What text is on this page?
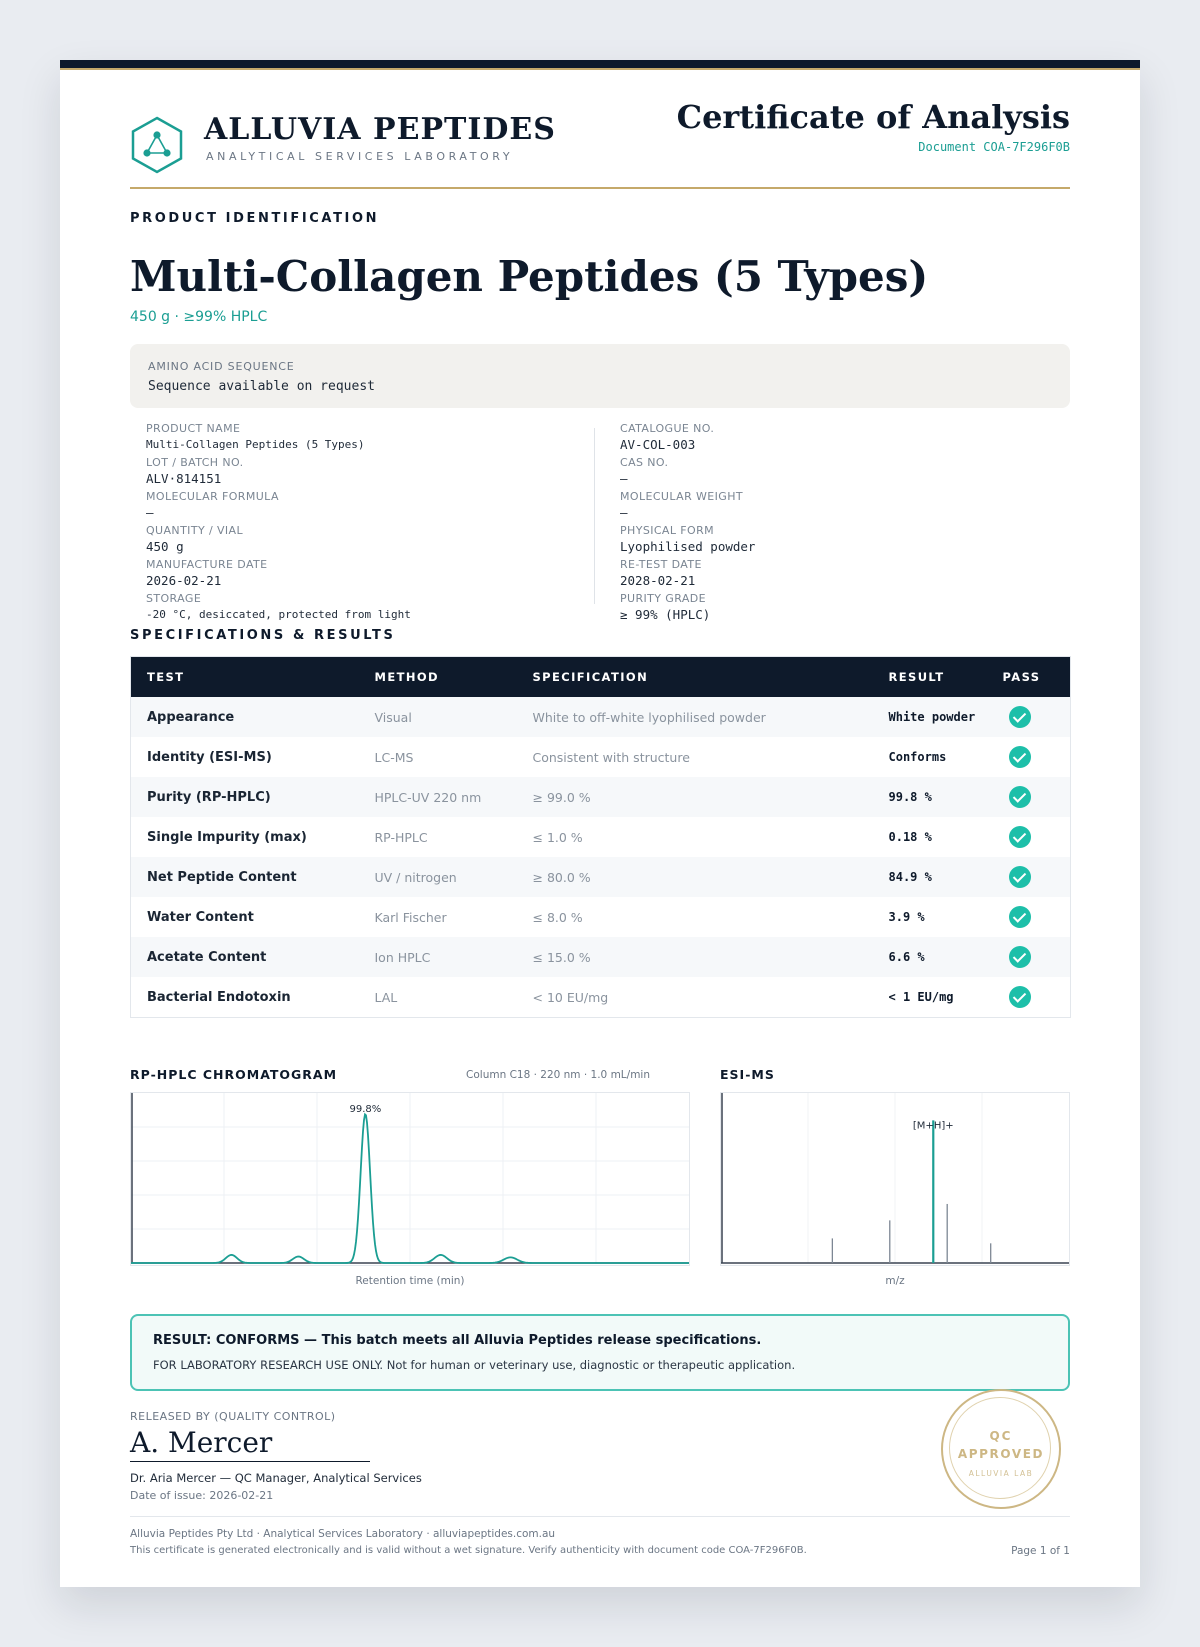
ALLUVIA PEPTIDES
ANALYTICAL SERVICES LABORATORY
Certificate of Analysis
Document COA-7F296F0B
PRODUCT IDENTIFICATION
Multi-Collagen Peptides (5 Types)
450 g · ≥99% HPLC
AMINO ACID SEQUENCE
Sequence available on request
PRODUCT NAME
Multi-Collagen Peptides (5 Types)
LOT / BATCH NO.
ALV·814151
MOLECULAR FORMULA
—
QUANTITY / VIAL
450 g
MANUFACTURE DATE
2026-02-21
STORAGE
-20 °C, desiccated, protected from light
CATALOGUE NO.
AV-COL-003
CAS NO.
—
MOLECULAR WEIGHT
—
PHYSICAL FORM
Lyophilised powder
RE-TEST DATE
2028-02-21
PURITY GRADE
≥ 99% (HPLC)
SPECIFICATIONS & RESULTS
TEST	METHOD	SPECIFICATION	RESULT	PASS
Appearance	Visual	White to off-white lyophilised powder	White powder	
Identity (ESI-MS)	LC-MS	Consistent with structure	Conforms	
Purity (RP-HPLC)	HPLC-UV 220 nm	≥ 99.0 %	99.8 %	
Single Impurity (max)	RP-HPLC	≤ 1.0 %	0.18 %	
Net Peptide Content	UV / nitrogen	≥ 80.0 %	84.9 %	
Water Content	Karl Fischer	≤ 8.0 %	3.9 %	
Acetate Content	Ion HPLC	≤ 15.0 %	6.6 %	
Bacterial Endotoxin	LAL	< 10 EU/mg	< 1 EU/mg	
RP-HPLC CHROMATOGRAM	Column C18 · 220 nm · 1.0 mL/min
99.8%
Retention time (min)
ESI-MS
[M+H]+
m/z
RESULT: CONFORMS — This batch meets all Alluvia Peptides release specifications.
FOR LABORATORY RESEARCH USE ONLY. Not for human or veterinary use, diagnostic or therapeutic application.
RELEASED BY (QUALITY CONTROL)
A. Mercer
Dr. Aria Mercer — QC Manager, Analytical Services
Date of issue: 2026-02-21
QC
APPROVED
ALLUVIA LAB
Alluvia Peptides Pty Ltd · Analytical Services Laboratory · alluviapeptides.com.au
This certificate is generated electronically and is valid without a wet signature. Verify authenticity with document code COA-7F296F0B.	Page 1 of 1
